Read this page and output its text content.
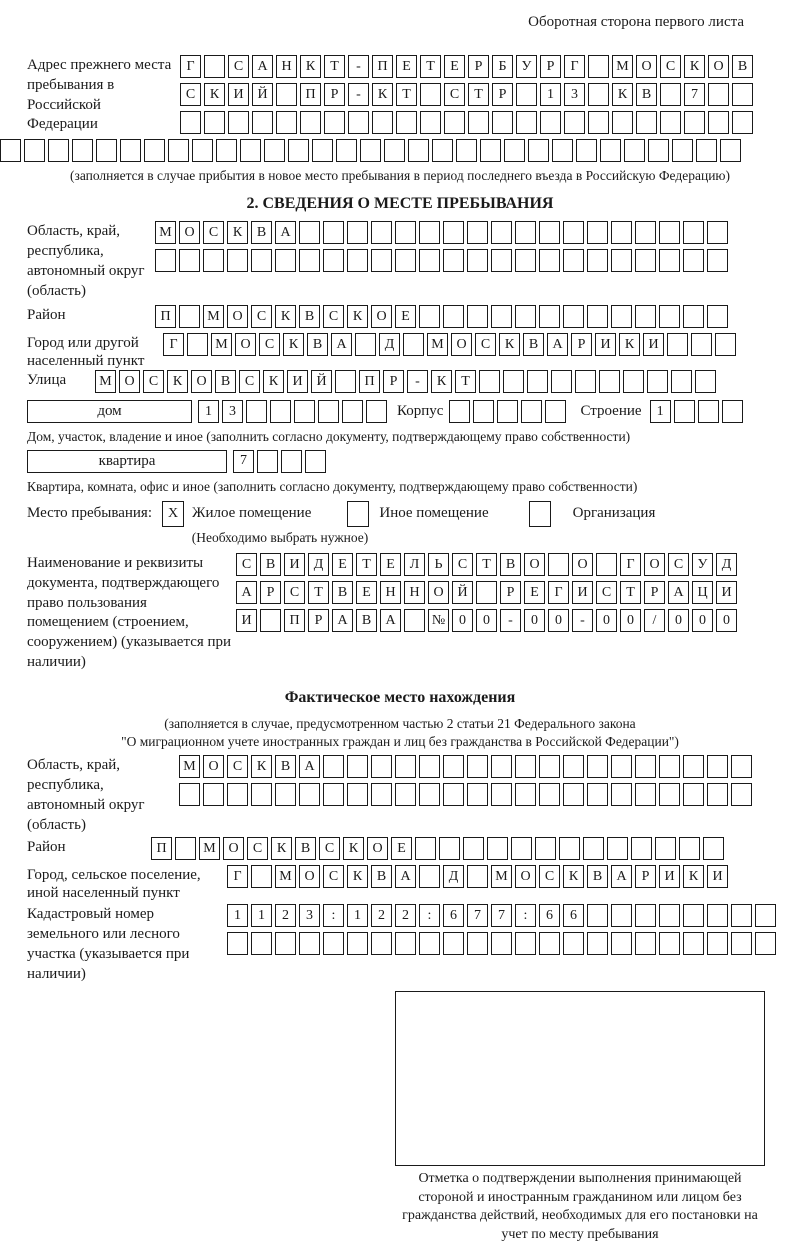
Оборотная сторона первого листа
Адрес прежнего места пребывания в Российской Федерации
Г	С	А Н	К	Т	-	П	Е	Т	Е	Р	Б	У	Р	Г	М О	С	К	О	В
С	К	И Й	П	Р	-	К	Т	С	Т	Р	1	3	К	В	7
(заполняется в случае прибытия в новое место пребывания в период последнего въезда в Российскую Федерацию)
2. СВЕДЕНИЯ О МЕСТЕ ПРЕБЫВАНИЯ
Область, край, республика, автономный округ (область)
М О	С	К	В	А
Район	П	М О	С	К	В	С	К	О	Е
Город или другой населенный пункт
Г	М О	С	К	В	А	Д	М О	С	К	В	А	Р	И	К	И
Улица	М О	С	К	О	В	С	К	И Й	П	Р	-	К	Т
дом	1	3	Корпус	Строение	1
Дом, участок, владение и иное (заполнить согласно документу, подтверждающему право собственности)
квартира	7
Квартира, комната, офис и иное (заполнить согласно документу, подтверждающему право собственности)
Место пребывания:	X Жилое помещение	Иное помещение	Организация
(Необходимо выбрать нужное)
Наименование и реквизиты документа, подтверждающего право пользования помещением (строением, сооружением) (указывается при наличии)
С	В	И	Д	Е	Т	Е	Л	Ь	С	Т	В	О	О	Г	О	С	У	Д
А	Р	С	Т	В	Е	Н Н О Й	Р	Е	Г	И	С	Т	Р	А Ц И
И	П	Р	А	В	А	№ 0	0	-	0	0	-	0	0	/	0	0	0
Фактическое место нахождения
(заполняется в случае, предусмотренном частью 2 статьи 21 Федерального закона
"О миграционном учете иностранных граждан и лиц без гражданства в Российской Федерации")
Область, край, республика, автономный округ (область)
М О	С	К	В	А
Район	П	М О	С	К	В	С	К	О	Е
Город, сельское поселение, иной населенный пункт
Г	М О	С	К	В	А	Д	М О	С	К	В	А	Р	И	К	И
Кадастровый номер земельного или лесного участка (указывается при наличии)
1	1	2	3	:	1	2	2	:	6	7	7	:	6	6
Отметка о подтверждении выполнения принимающей стороной и иностранным гражданином или лицом без гражданства действий, необходимых для его постановки на учет по месту пребывания
